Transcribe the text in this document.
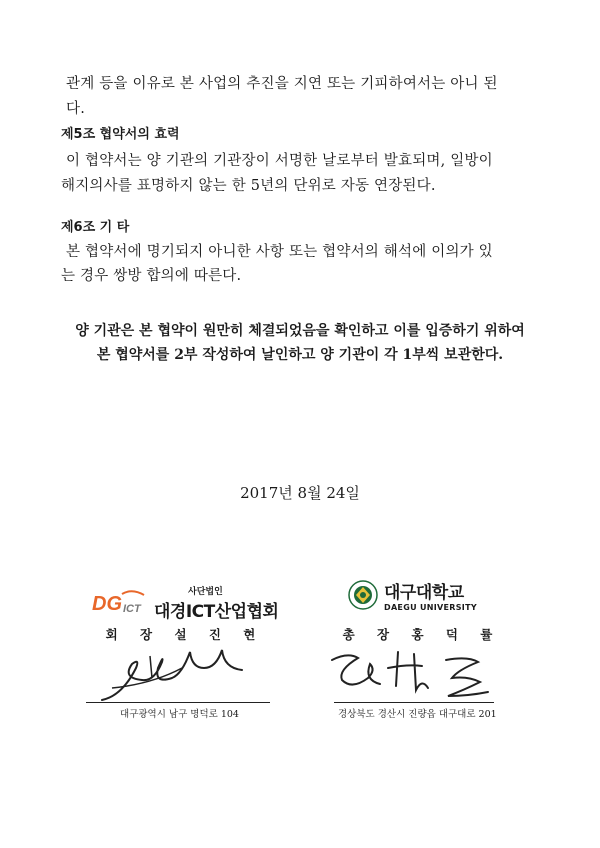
관계 등을 이유로 본 사업의 추진을 지연 또는 기피하여서는 아니 된
다.
제5조 협약서의 효력
이 협약서는 양 기관의 기관장이 서명한 날로부터 발효되며, 일방이
해지의사를 표명하지 않는 한 5년의 단위로 자동 연장된다.
제6조 기 타
본 협약서에 명기되지 아니한 사항 또는 협약서의 해석에 이의가 있
는 경우 쌍방 합의에 따른다.
양 기관은 본 협약이 원만히 체결되었음을 확인하고 이를 입증하기 위하여
본 협약서를 2부 작성하여 날인하고 양 기관이 각 1부씩 보관한다.
2017년 8월 24일
DG ICT
사단법인
대경ICT산업협회
회 장 설 진 현
대구광역시 남구 명덕로 104
대구대학교
DAEGU UNIVERSITY
총 장 홍 덕 률
경상북도 경산시 진량읍 대구대로 201
